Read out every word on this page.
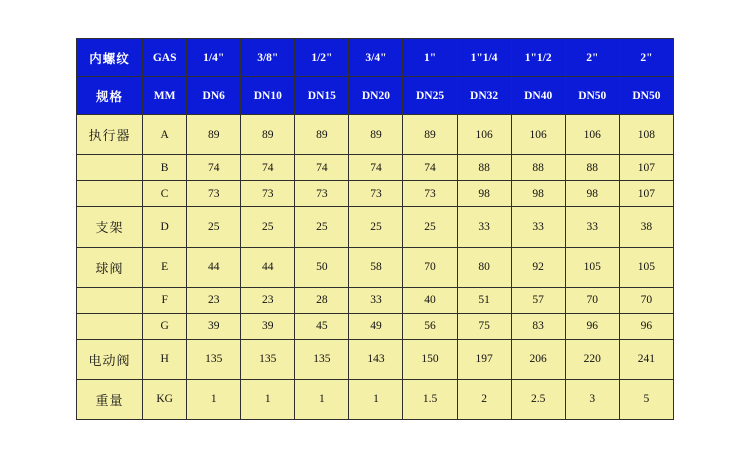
内螺纹	GAS	1/4"	3/8"	1/2"	3/4"	1"	1"1/4	1"1/2	2"	2"
规格	MM	DN6	DN10	DN15	DN20	DN25	DN32	DN40	DN50	DN50
执行器	A	89	89	89	89	89	106	106	106	108
	B	74	74	74	74	74	88	88	88	107
	C	73	73	73	73	73	98	98	98	107
支架	D	25	25	25	25	25	33	33	33	38
球阀	E	44	44	50	58	70	80	92	105	105
	F	23	23	28	33	40	51	57	70	70
	G	39	39	45	49	56	75	83	96	96
电动阀	H	135	135	135	143	150	197	206	220	241
重量	KG	1	1	1	1	1.5	2	2.5	3	5
